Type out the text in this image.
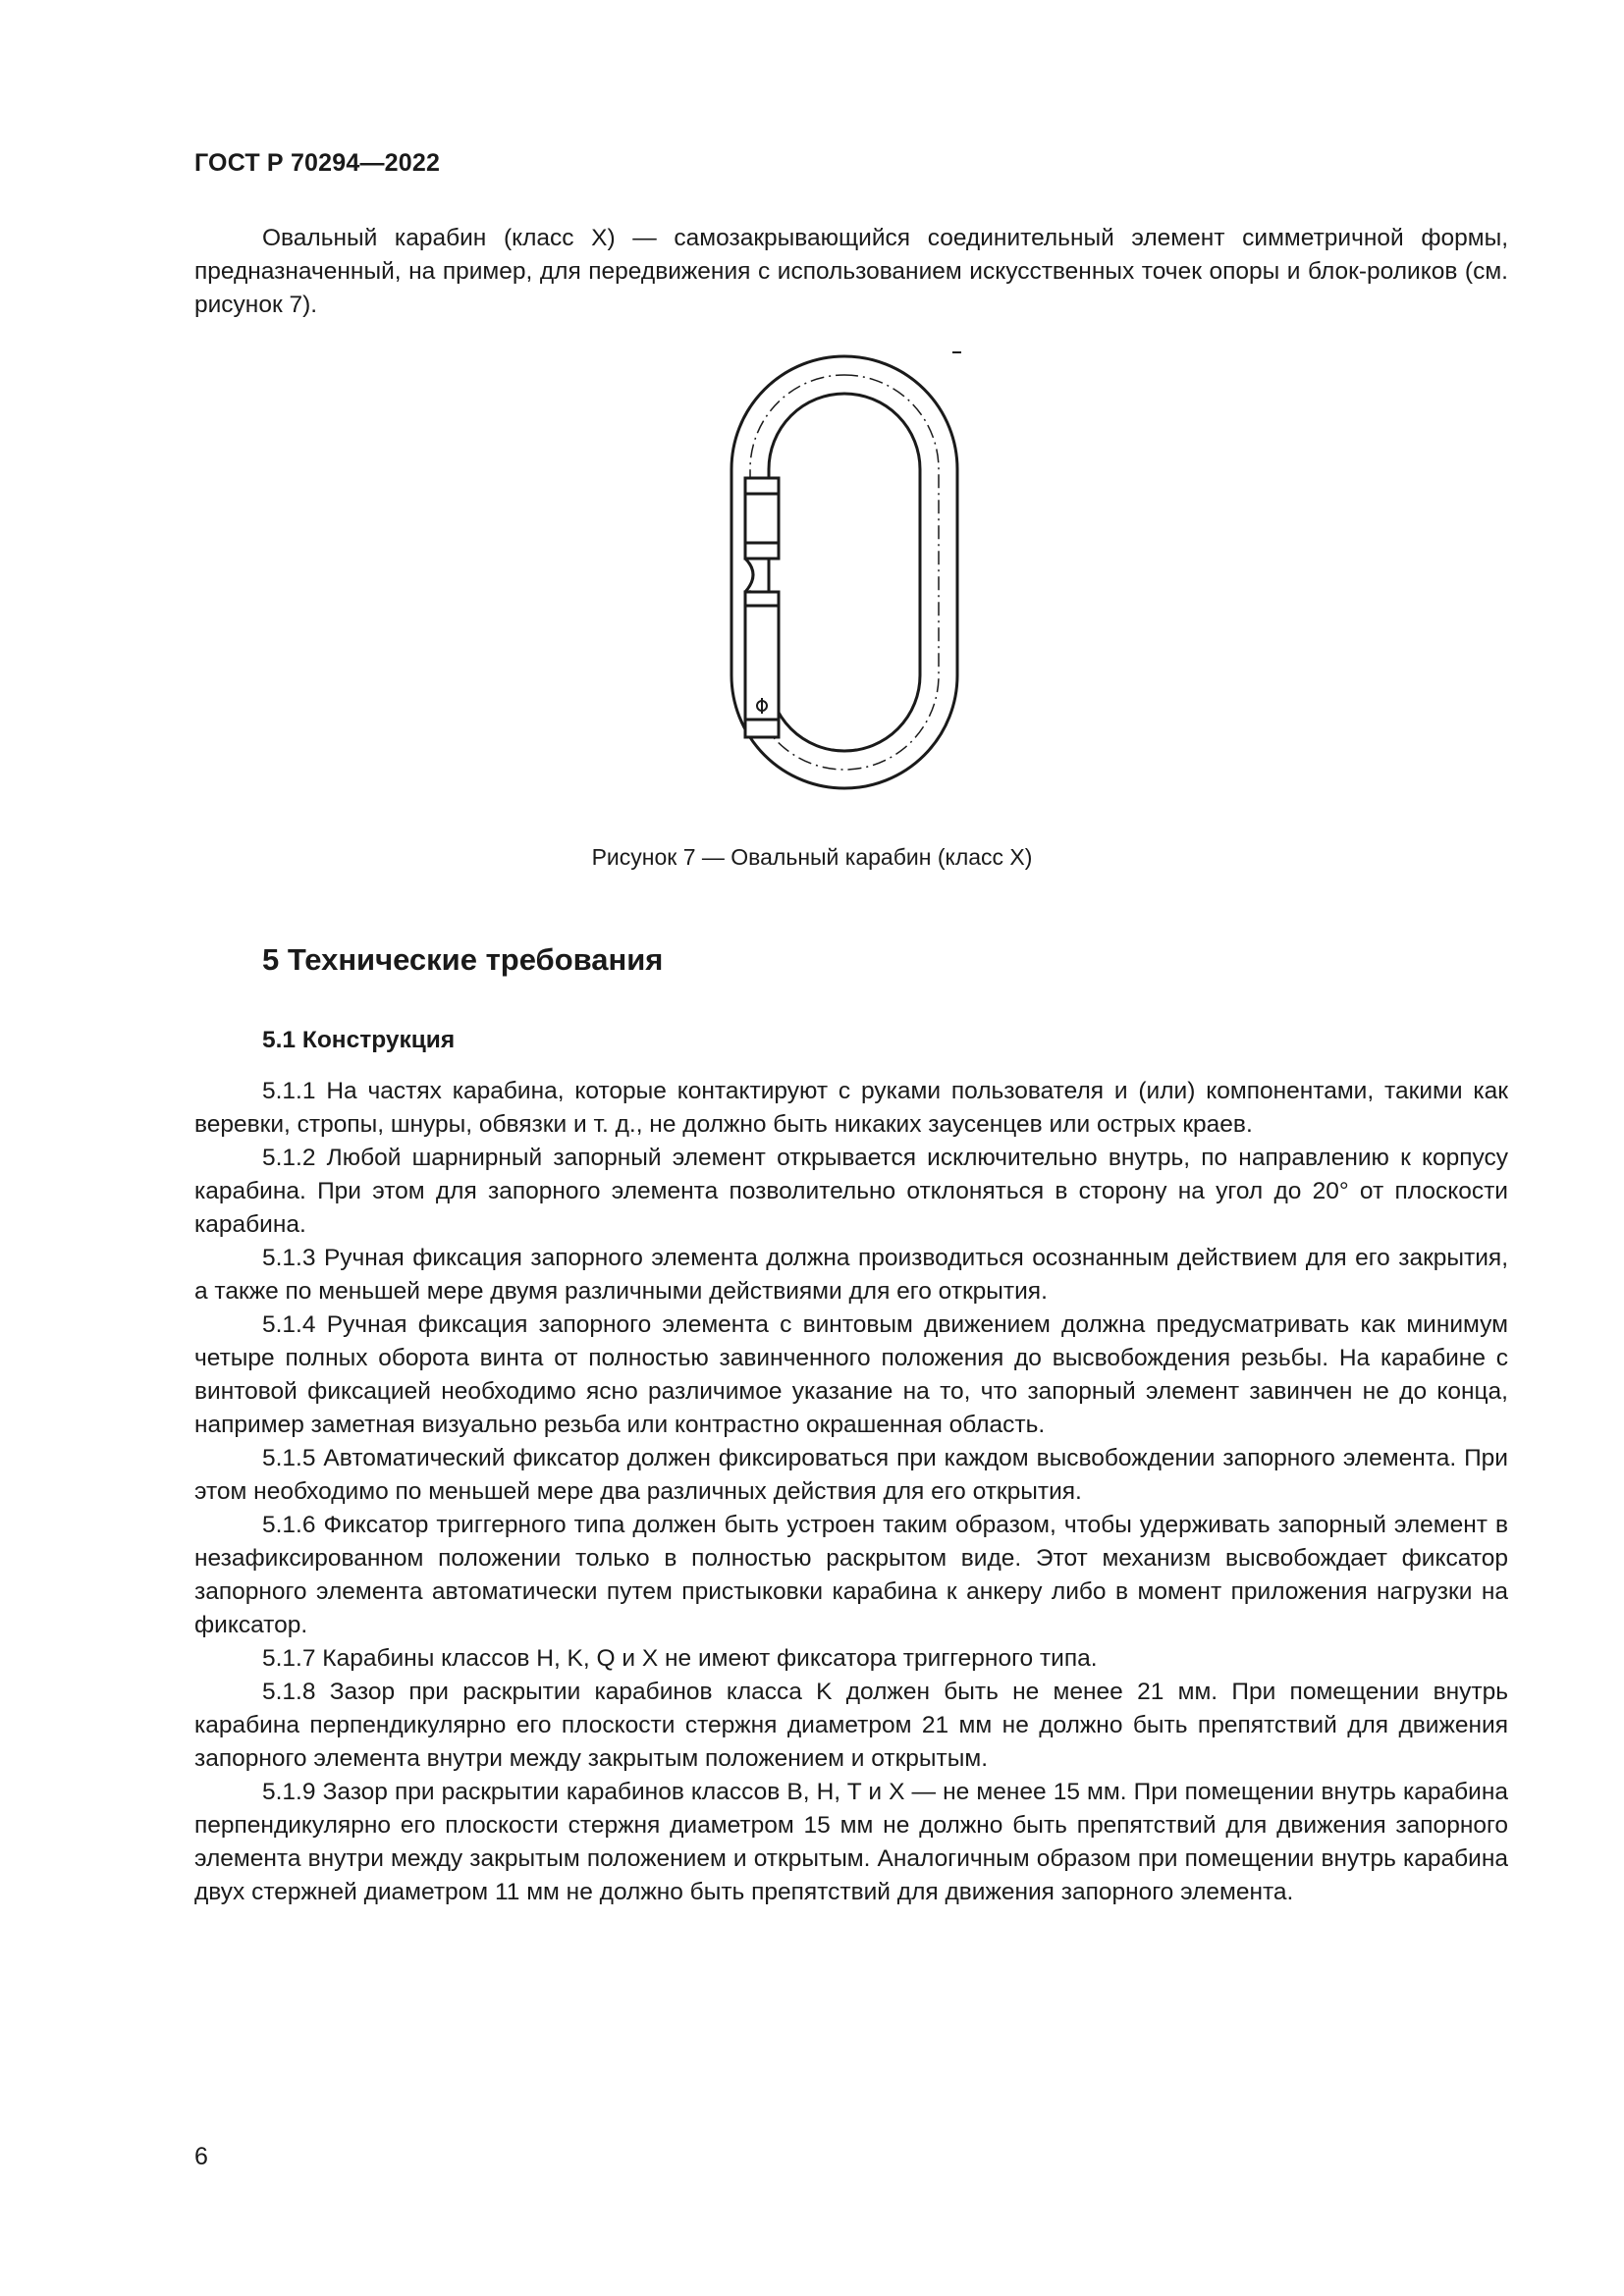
ГОСТ Р 70294—2022

Овальный карабин (класс X) — самозакрывающийся соединительный элемент симметричной формы, предназначенный, на пример, для передвижения с использованием искусственных точек опоры и блок-роликов (см. рисунок 7).

Рисунок 7 — Овальный карабин (класс X)
5 Технические требования
5.1 Конструкция

5.1.1 На частях карабина, которые контактируют с руками пользователя и (или) компонентами, такими как веревки, стропы, шнуры, обвязки и т. д., не должно быть никаких заусенцев или острых краев.

5.1.2 Любой шарнирный запорный элемент открывается исключительно внутрь, по направлению к корпусу карабина. При этом для запорного элемента позволительно отклоняться в сторону на угол до 20° от плоскости карабина.

5.1.3 Ручная фиксация запорного элемента должна производиться осознанным действием для его закрытия, а также по меньшей мере двумя различными действиями для его открытия.

5.1.4 Ручная фиксация запорного элемента с винтовым движением должна предусматривать как минимум четыре полных оборота винта от полностью завинченного положения до высвобождения резьбы. На карабине с винтовой фиксацией необходимо ясно различимое указание на то, что запорный элемент завинчен не до конца, например заметная визуально резьба или контрастно окрашенная область.

5.1.5 Автоматический фиксатор должен фиксироваться при каждом высвобождении запорного элемента. При этом необходимо по меньшей мере два различных действия для его открытия.

5.1.6 Фиксатор триггерного типа должен быть устроен таким образом, чтобы удерживать запорный элемент в незафиксированном положении только в полностью раскрытом виде. Этот механизм высвобождает фиксатор запорного элемента автоматически путем пристыковки карабина к анкеру либо в момент приложения нагрузки на фиксатор.

5.1.7 Карабины классов H, K, Q и X не имеют фиксатора триггерного типа.

5.1.8 Зазор при раскрытии карабинов класса K должен быть не менее 21 мм. При помещении внутрь карабина перпендикулярно его плоскости стержня диаметром 21 мм не должно быть препятствий для движения запорного элемента внутри между закрытым положением и открытым.

5.1.9 Зазор при раскрытии карабинов классов B, H, T и X — не менее 15 мм. При помещении внутрь карабина перпендикулярно его плоскости стержня диаметром 15 мм не должно быть препятствий для движения запорного элемента внутри между закрытым положением и открытым. Аналогичным образом при помещении внутрь карабина двух стержней диаметром 11 мм не должно быть препятствий для движения запорного элемента.

6
